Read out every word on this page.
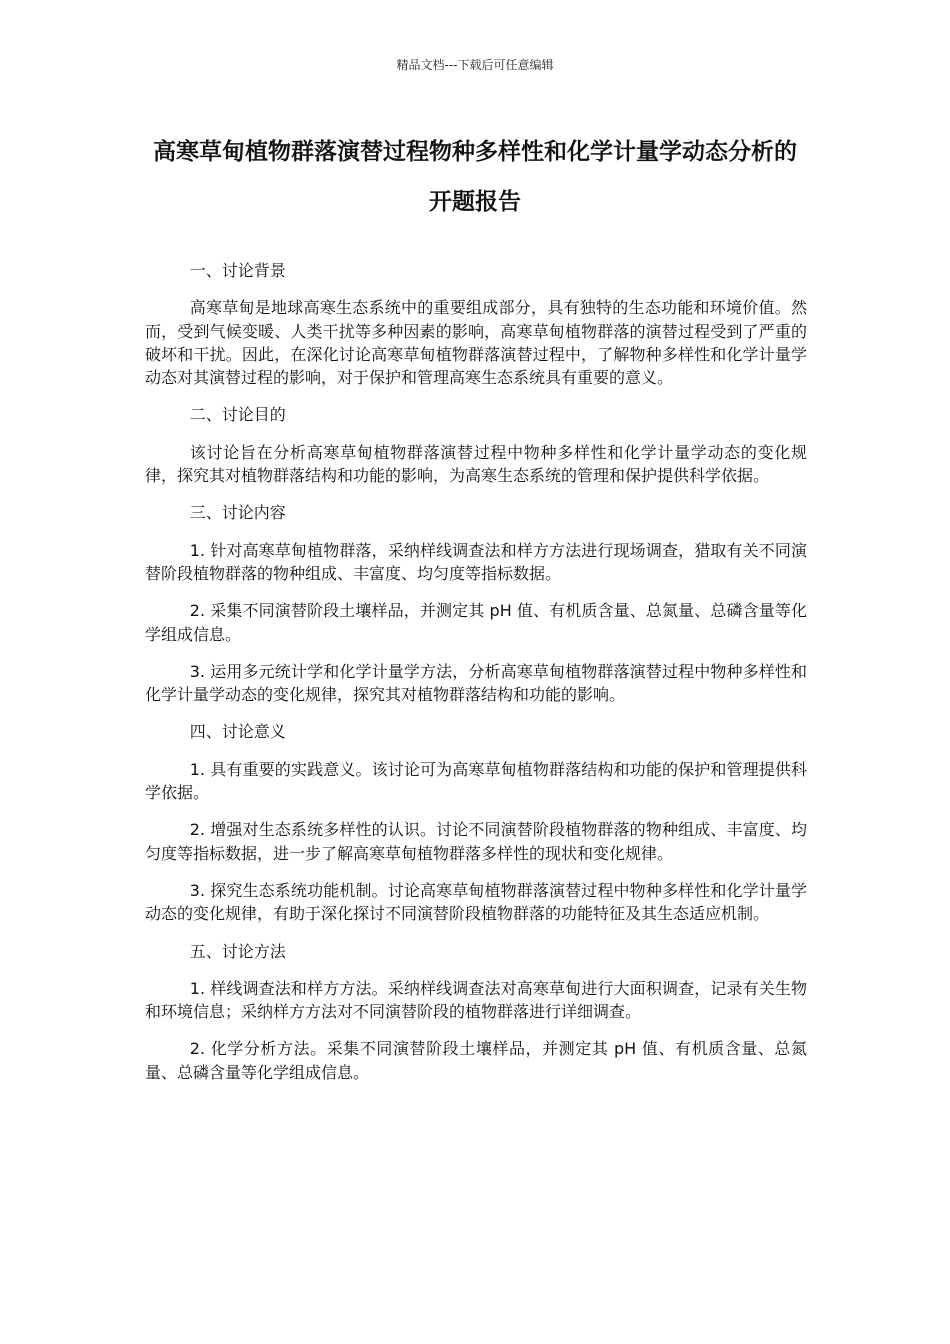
精品文档---下载后可任意编辑
高寒草甸植物群落演替过程物种多样性和化学计量学动态分析的开题报告

一、讨论背景

高寒草甸是地球高寒生态系统中的重要组成部分，具有独特的生态功能和环境价值。然而，受到气候变暖、人类干扰等多种因素的影响，高寒草甸植物群落的演替过程受到了严重的破坏和干扰。因此，在深化讨论高寒草甸植物群落演替过程中，了解物种多样性和化学计量学动态对其演替过程的影响，对于保护和管理高寒生态系统具有重要的意义。

二、讨论目的

该讨论旨在分析高寒草甸植物群落演替过程中物种多样性和化学计量学动态的变化规律，探究其对植物群落结构和功能的影响，为高寒生态系统的管理和保护提供科学依据。

三、讨论内容

1. 针对高寒草甸植物群落，采纳样线调查法和样方方法进行现场调查，猎取有关不同演替阶段植物群落的物种组成、丰富度、均匀度等指标数据。

2. 采集不同演替阶段土壤样品，并测定其 pH 值、有机质含量、总氮量、总磷含量等化学组成信息。

3. 运用多元统计学和化学计量学方法，分析高寒草甸植物群落演替过程中物种多样性和化学计量学动态的变化规律，探究其对植物群落结构和功能的影响。

四、讨论意义

1. 具有重要的实践意义。该讨论可为高寒草甸植物群落结构和功能的保护和管理提供科学依据。

2. 增强对生态系统多样性的认识。讨论不同演替阶段植物群落的物种组成、丰富度、均匀度等指标数据，进一步了解高寒草甸植物群落多样性的现状和变化规律。

3. 探究生态系统功能机制。讨论高寒草甸植物群落演替过程中物种多样性和化学计量学动态的变化规律，有助于深化探讨不同演替阶段植物群落的功能特征及其生态适应机制。

五、讨论方法

1. 样线调查法和样方方法。采纳样线调查法对高寒草甸进行大面积调查，记录有关生物和环境信息；采纳样方方法对不同演替阶段的植物群落进行详细调查。

2. 化学分析方法。采集不同演替阶段土壤样品，并测定其 pH 值、有机质含量、总氮量、总磷含量等化学组成信息。
